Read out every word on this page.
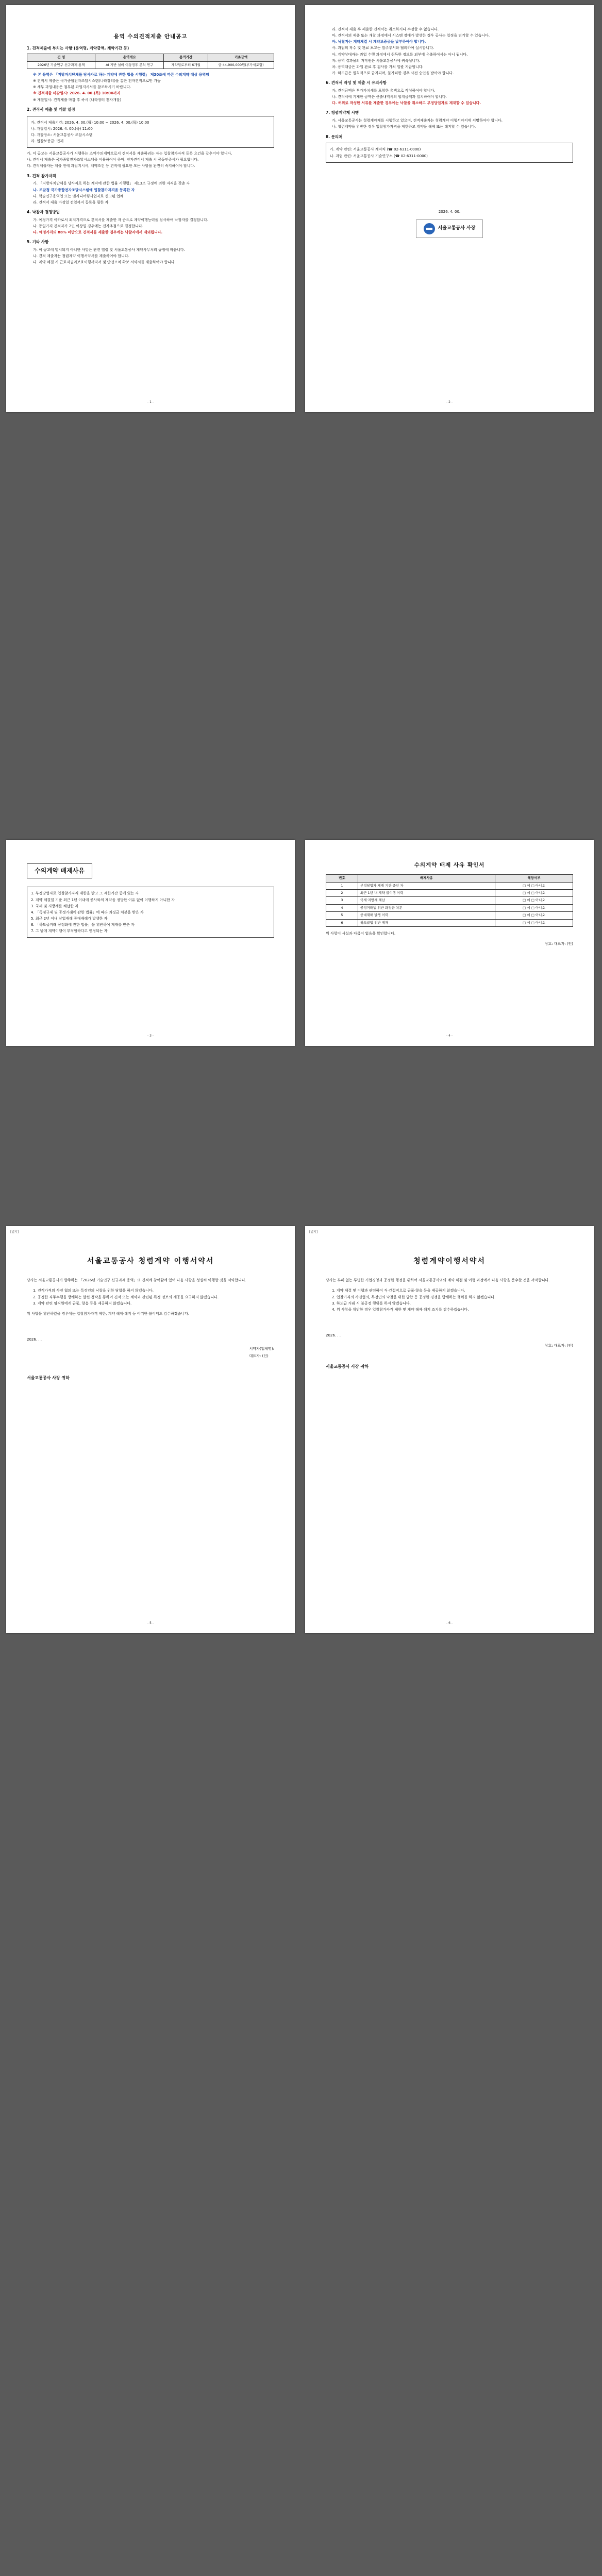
용역 수의견적제출 안내공고
1. 견적제출에 부치는 사항 (용역명, 계약금액, 계약기간 등)
건 명	용역개요	용역기간	기초금액
2026년 기술연구 신규과제 용역	AI 기반 설비 이상징후 분석 연구	계약일로부터 6개월	금 44,900,000원(부가세포함)

※ 본 용역은 「지방자치단체를 당사자로 하는 계약에 관한 법률 시행령」 제30조에 따른 수의계약 대상 용역임

※ 견적서 제출은 국가종합전자조달시스템(나라장터)을 통한 전자견적으로만 가능

※ 세부 과업내용은 첨부된 과업지시서를 참조하시기 바랍니다.

※ 견적제출 마감일시: 2026. 4. 00.(목) 10:00까지

※ 개찰일시: 견적제출 마감 후 즉시 (나라장터 전자개찰)

2. 견적서 제출 및 개찰 일정

가. 견적서 제출기간: 2026. 4. 00.(월) 10:00 ~ 2026. 4. 00.(목) 10:00

나. 개찰일시: 2026. 4. 00.(목) 11:00

다. 개찰장소: 서울교통공사 조달시스템

라. 입찰보증금: 면제

가. 이 공고는 서울교통공사가 시행하는 소액수의계약으로서 견적서를 제출하려는 자는 입찰참가자격 등록 요건을 갖추어야 합니다.

나. 견적서 제출은 국가종합전자조달시스템을 이용하여야 하며, 전자견적서 제출 시 공동인증서가 필요합니다.

다. 견적제출자는 제출 전에 과업지시서, 계약조건 등 견적에 필요한 모든 사항을 완전히 숙지하여야 합니다.

3. 견적 참가자격

가. 「지방자치단체를 당사자로 하는 계약에 관한 법률 시행령」 제13조 규정에 의한 자격을 갖춘 자

나. 조달청 국가종합전자조달시스템에 입찰참가자격을 등록한 자

다. 학술연구용역업 또는 엔지니어링사업자로 신고된 업체

라. 견적서 제출 마감일 전일까지 등록을 필한 자

4. 낙찰자 결정방법

가. 예정가격 이하로서 최저가격으로 견적서를 제출한 자 순으로 계약이행능력을 심사하여 낙찰자를 결정합니다.

나. 동일가격 견적자가 2인 이상일 경우에는 전자추첨으로 결정합니다.

다. 예정가격의 88% 미만으로 견적서를 제출한 경우에는 낙찰자에서 제외됩니다.

5. 기타 사항

가. 이 공고에 명시되지 아니한 사항은 관련 법령 및 서울교통공사 계약사무처리 규정에 따릅니다.

나. 견적 제출자는 청렴계약 이행서약서를 제출하여야 합니다.

다. 계약 체결 시 근로자권리보호이행서약서 및 안전조치 확보 서약서를 제출하여야 합니다.

- 1 -

라. 견적서 제출 후 제출한 견적서는 취소하거나 수정할 수 없습니다.

마. 견적서의 제출 또는 개찰 과정에서 시스템 장애가 발생한 경우 공사는 일정을 연기할 수 있습니다.

바. 낙찰자는 계약체결 시 계약보증금을 납부하여야 합니다.

사. 과업의 착수 및 완료 보고는 발주부서와 협의하여 실시합니다.

아. 계약상대자는 과업 수행 과정에서 취득한 정보를 외부에 유출하여서는 아니 됩니다.

자. 용역 결과물의 저작권은 서울교통공사에 귀속됩니다.

차. 용역대금은 과업 완료 후 검사를 거쳐 일괄 지급합니다.

카. 하도급은 원칙적으로 금지되며, 불가피한 경우 사전 승인을 받아야 합니다.

6. 견적서 작성 및 제출 시 유의사항

가. 견적금액은 부가가치세를 포함한 총액으로 작성하여야 합니다.

나. 견적서에 기재한 금액은 산출내역서의 합계금액과 일치하여야 합니다.

다. 허위로 작성한 서류를 제출한 경우에는 낙찰을 취소하고 부정당업자로 제재할 수 있습니다.

7. 청렴계약제 시행

가. 서울교통공사는 청렴계약제를 시행하고 있으며, 견적제출자는 청렴계약 이행서약서에 서명하여야 합니다.

나. 청렴계약을 위반한 경우 입찰참가자격을 제한하고 계약을 해제 또는 해지할 수 있습니다.

8. 문의처

가. 계약 관련: 서울교통공사 계약처 (☎ 02-6311-0000)

나. 과업 관련: 서울교통공사 기술연구소 (☎ 02-6311-0000)

2026. 4. 00.
서울교통공사 사장
- 2 -
수의계약 배제사유

1. 부정당업자로 입찰참가자격 제한을 받고 그 제한기간 중에 있는 자

2. 계약 체결일 기준 최근 1년 이내에 공사와의 계약을 정당한 이유 없이 이행하지 아니한 자

3. 국세 및 지방세를 체납한 자

4. 「독점규제 및 공정거래에 관한 법률」에 따라 과징금 처분을 받은 자

5. 최근 2년 이내 산업재해 중대재해가 발생한 자

6. 「하도급거래 공정화에 관한 법률」을 위반하여 제재를 받은 자

7. 그 밖에 계약이행이 부적합하다고 인정되는 자

- 3 -
수의계약 배제 사유 확인서
번호	배제사유	해당여부
1	부정당업자 제재 기간 중인 자	□ 예 □ 아니오
2	최근 1년 내 계약 불이행 이력	□ 예 □ 아니오
3	국세·지방세 체납	□ 예 □ 아니오
4	공정거래법 위반 과징금 처분	□ 예 □ 아니오
5	중대재해 발생 이력	□ 예 □ 아니오
6	하도급법 위반 제재	□ 예 □ 아니오

위 사항이 사실과 다름이 없음을 확인합니다.

상호: 대표자: (인)

- 4 -
[별지]
서울교통공사 청렴계약 이행서약서

당사는 서울교통공사가 발주하는 「2026년 기술연구 신규과제 용역」의 견적에 참여함에 있어 다음 사항을 성실히 이행할 것을 서약합니다.

1. 견적가격의 사전 협의 또는 특정인의 낙찰을 위한 담합을 하지 않겠습니다.

2. 공정한 직무수행을 방해하는 알선·청탁을 통하여 견적 또는 계약과 관련된 특정 정보의 제공을 요구하지 않겠습니다.

3. 계약 관련 임직원에게 금품, 향응 등을 제공하지 않겠습니다.

위 사항을 위반하였을 경우에는 입찰참가자격 제한, 계약 해제·해지 등 어떠한 불이익도 감수하겠습니다.

2026. . .

서약자(업체명):
대표자: (인)

서울교통공사 사장 귀하

- 5 -
[별지]
청렴계약이행서약서

당사는 부패 없는 투명한 기업경영과 공정한 행정을 위하여 서울교통공사와의 계약 체결 및 이행 과정에서 다음 사항을 준수할 것을 서약합니다.

1. 계약 체결 및 이행과 관련하여 직·간접적으로 금품·향응 등을 제공하지 않겠습니다.

2. 입찰가격의 사전협의, 특정인의 낙찰을 위한 담합 등 공정한 경쟁을 방해하는 행위를 하지 않겠습니다.

3. 하도급 거래 시 불공정 행위를 하지 않겠습니다.

4. 위 사항을 위반한 경우 입찰참가자격 제한 및 계약 해제·해지 조치를 감수하겠습니다.

2026. . .

상호: 대표자: (인)

서울교통공사 사장 귀하

- 6 -
